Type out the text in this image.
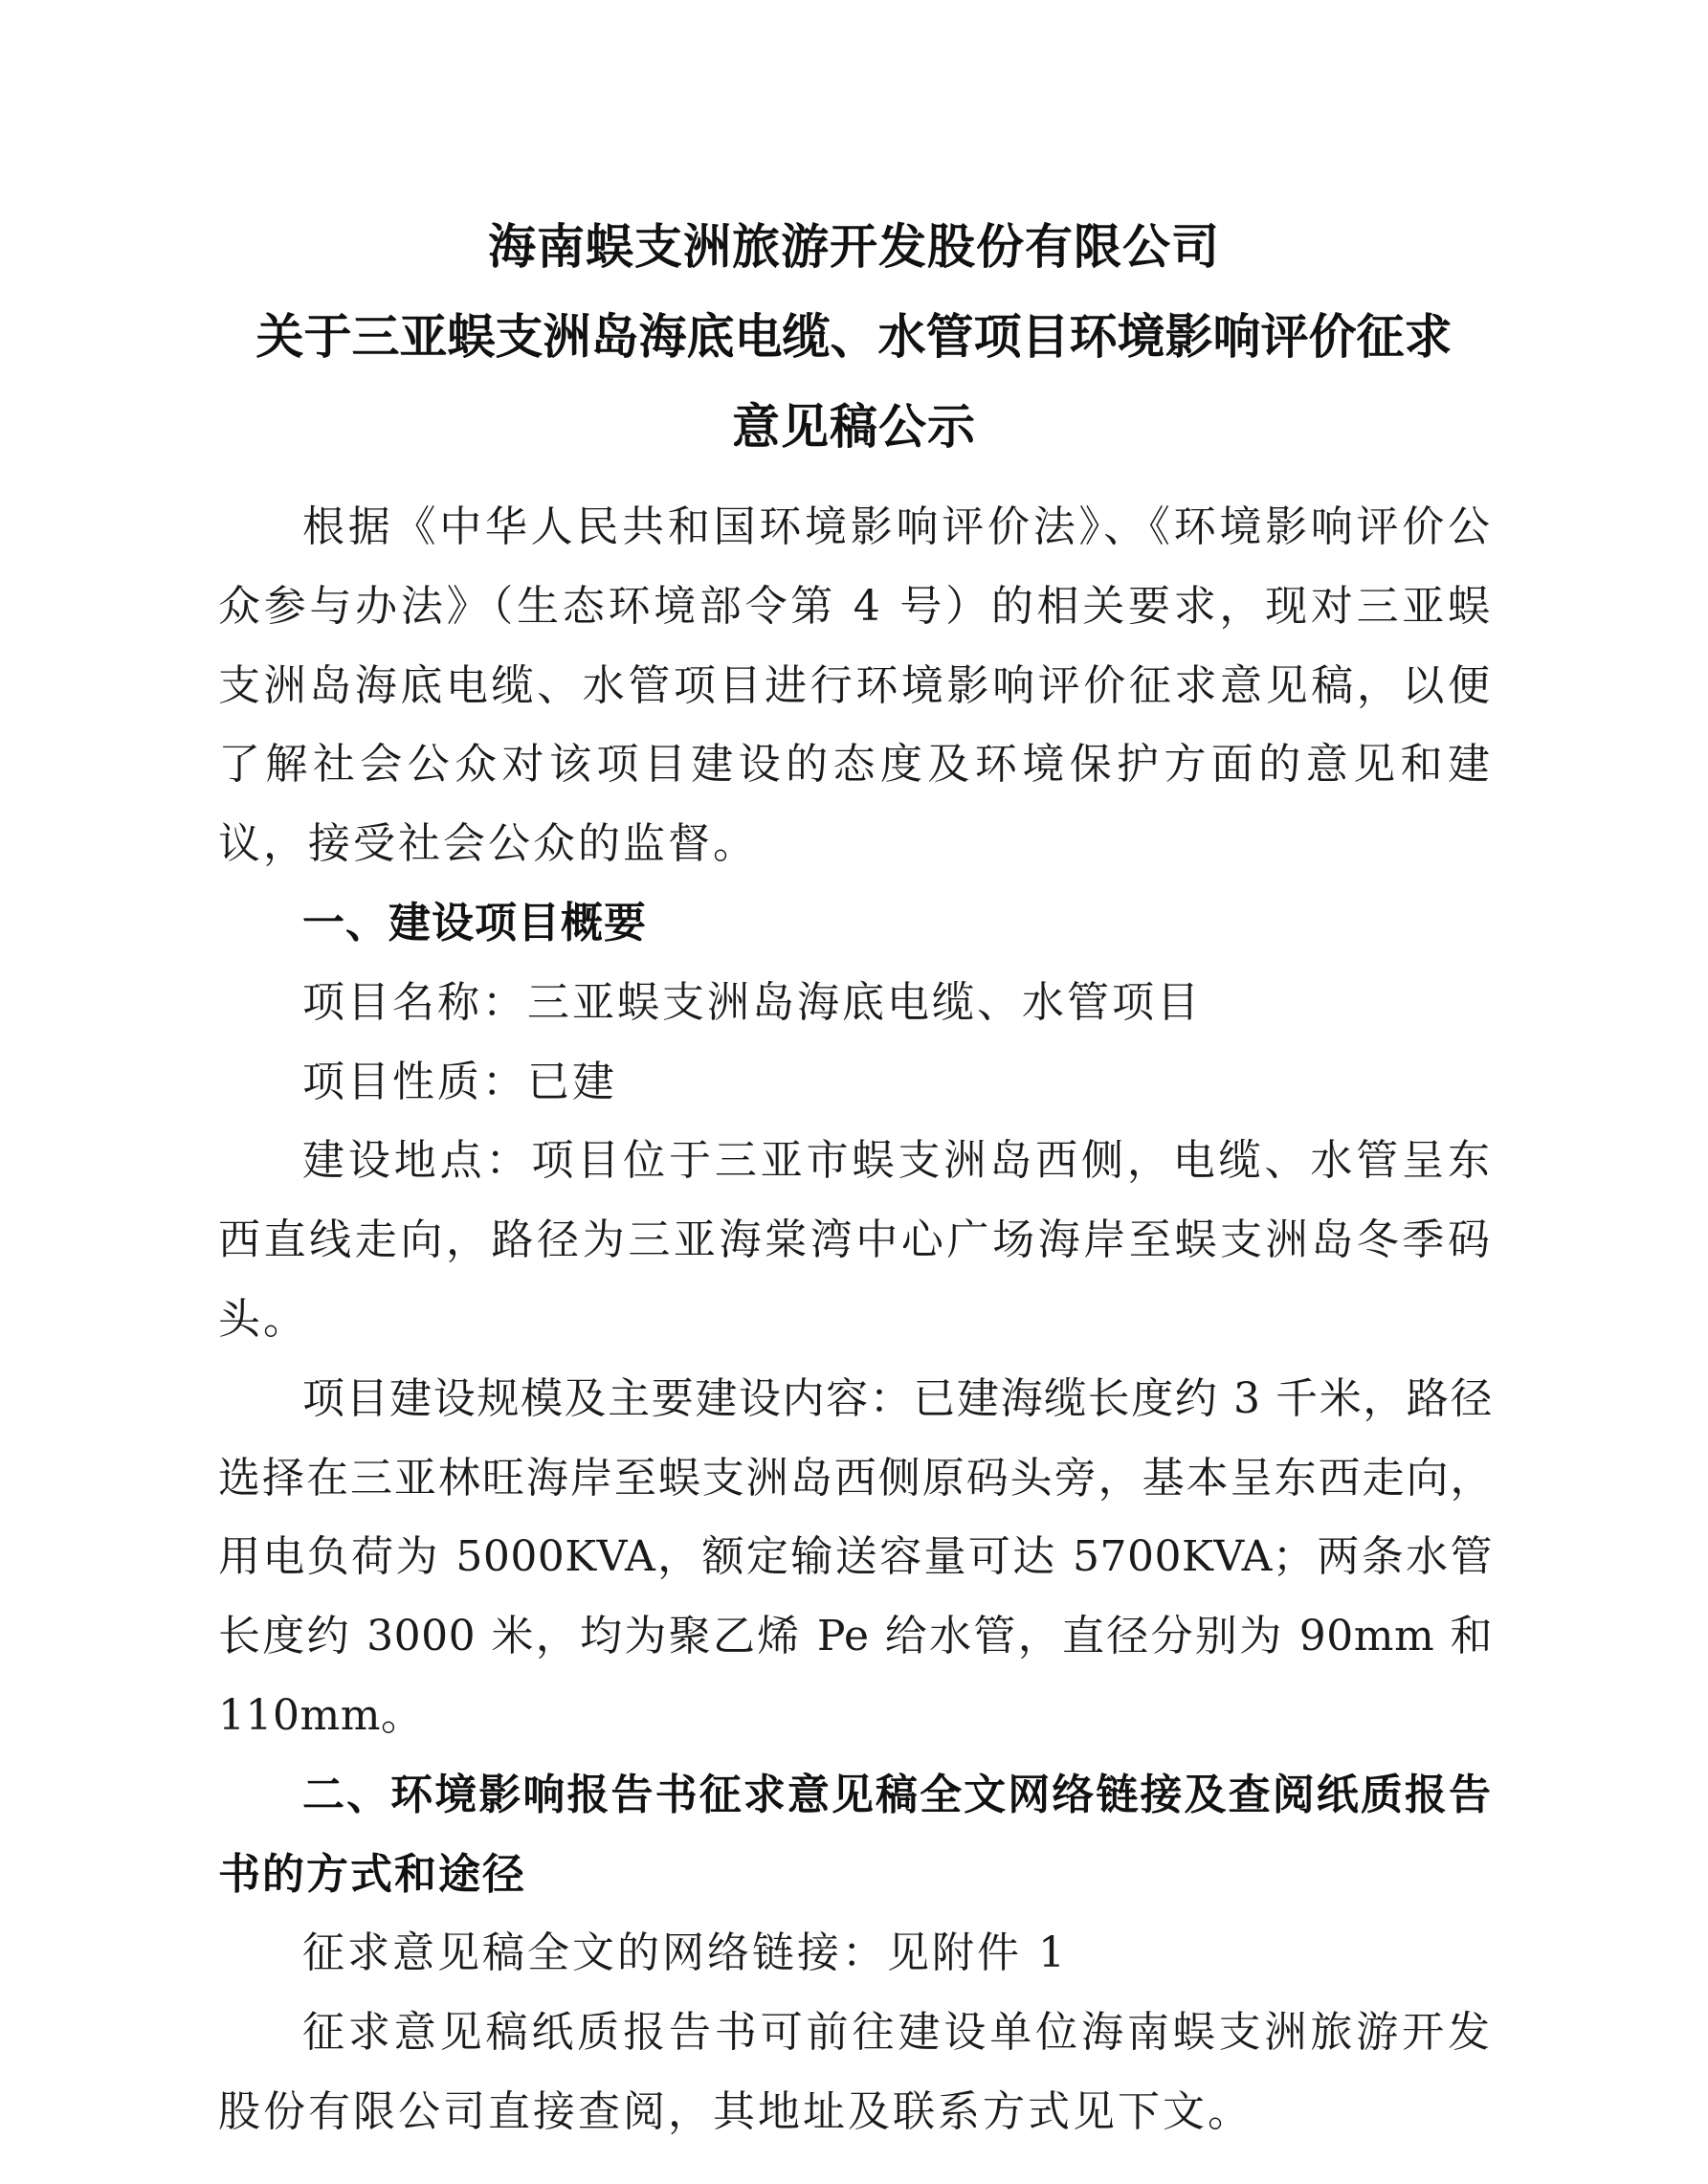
海南蜈支洲旅游开发股份有限公司
关于三亚蜈支洲岛海底电缆、水管项目环境影响评价征求
意见稿公示

根据《中华人民共和国环境影响评价法》、《环境影响评价公众参与办法》（生态环境部令第 4 号）的相关要求，现对三亚蜈支洲岛海底电缆、水管项目进行环境影响评价征求意见稿，以便了解社会公众对该项目建设的态度及环境保护方面的意见和建议，接受社会公众的监督。

一、建设项目概要

项目名称：三亚蜈支洲岛海底电缆、水管项目

项目性质：已建

建设地点：项目位于三亚市蜈支洲岛西侧，电缆、水管呈东西直线走向，路径为三亚海棠湾中心广场海岸至蜈支洲岛冬季码头。

项目建设规模及主要建设内容：已建海缆长度约 3 千米，路径选择在三亚林旺海岸至蜈支洲岛西侧原码头旁，基本呈东西走向，用电负荷为 5000KVA，额定输送容量可达 5700KVA；两条水管长度约 3000 米，均为聚乙烯 Pe 给水管，直径分别为 90mm 和 110mm。

二、环境影响报告书征求意见稿全文网络链接及查阅纸质报告书的方式和途径

征求意见稿全文的网络链接：见附件 1

征求意见稿纸质报告书可前往建设单位海南蜈支洲旅游开发股份有限公司直接查阅，其地址及联系方式见下文。
